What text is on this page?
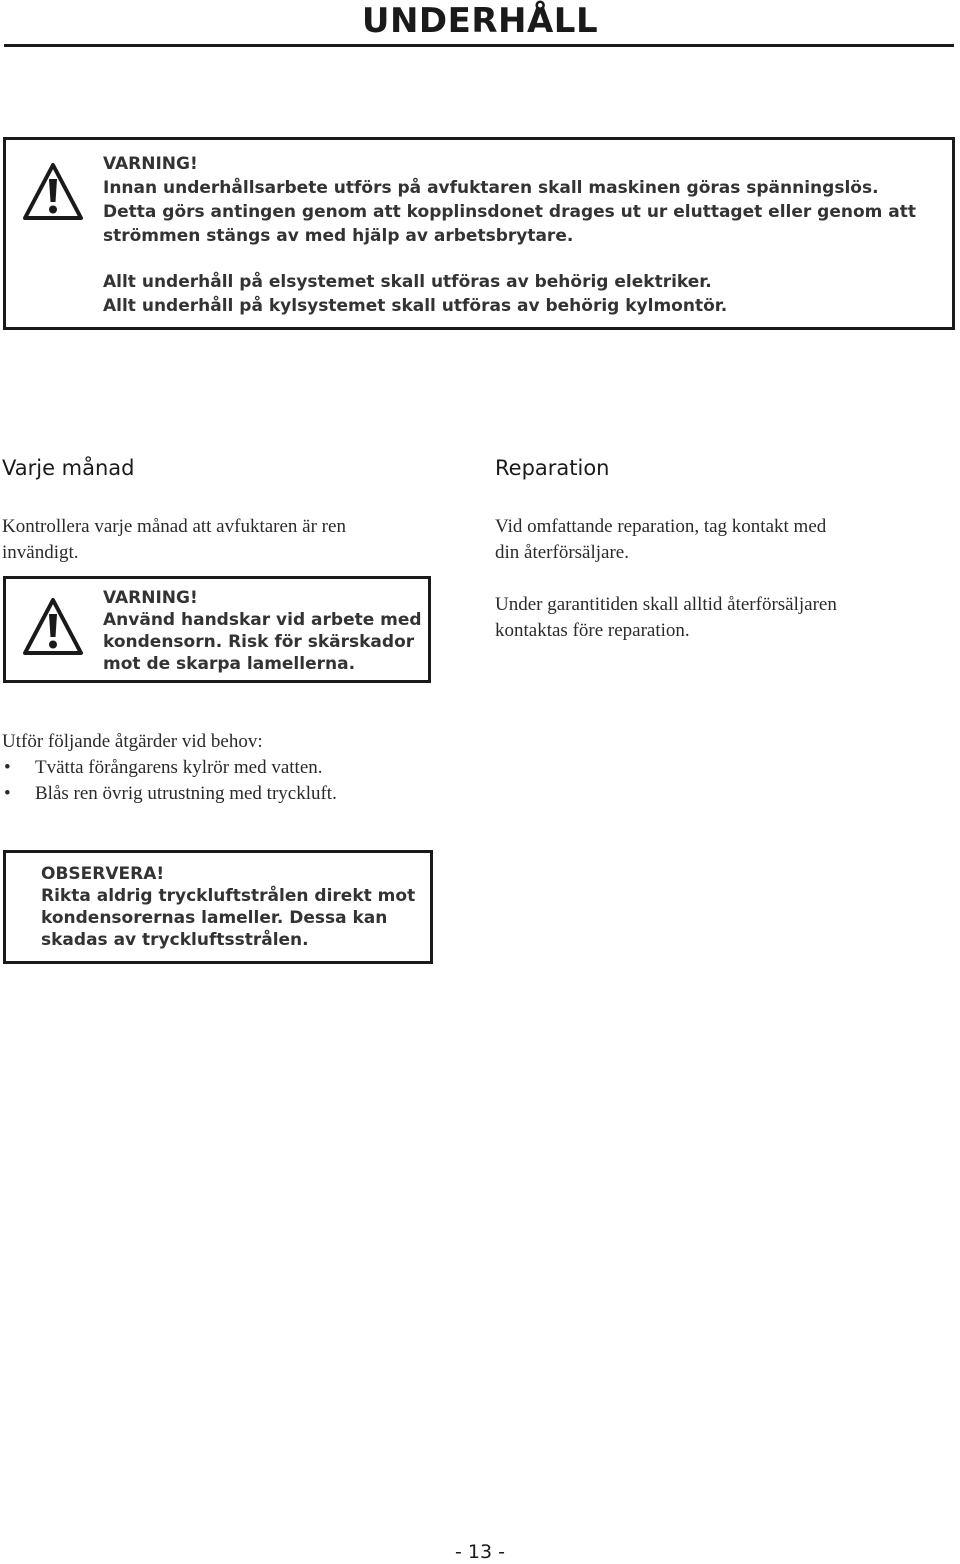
UNDERHÅLL

VARNING!

Innan underhållsarbete utförs på avfuktaren skall maskinen göras spänningslös.

Detta görs antingen genom att kopplinsdonet drages ut ur eluttaget eller genom att

strömmen stängs av med hjälp av arbetsbrytare.

Allt underhåll på elsystemet skall utföras av behörig elektriker.

Allt underhåll på kylsystemet skall utföras av behörig kylmontör.

Varje månad

Kontrollera varje månad att avfuktaren är ren

invändigt.

VARNING!

Använd handskar vid arbete med

kondensorn. Risk för skärskador

mot de skarpa lamellerna.

Reparation

Vid omfattande reparation, tag kontakt med

din återförsäljare.

Under garantitiden skall alltid återförsäljaren

kontaktas före reparation.

Utför följande åtgärder vid behov:
• Tvätta förångarens kylrör med vatten.
• Blås ren övrig utrustning med tryckluft.

OBSERVERA!

Rikta aldrig tryckluftstrålen direkt mot

kondensorernas lameller. Dessa kan

skadas av tryckluftsstrålen.

- 13 -
